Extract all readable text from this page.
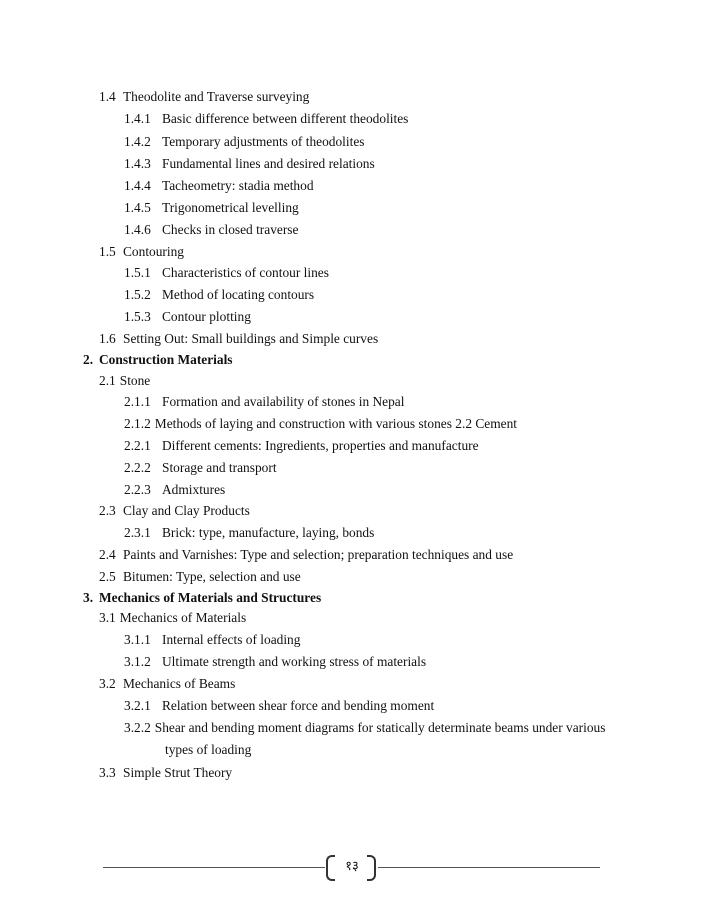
1.4 Theodolite and Traverse surveying
1.4.1 Basic difference between different theodolites
1.4.2 Temporary adjustments of theodolites
1.4.3 Fundamental lines and desired relations
1.4.4 Tacheometry: stadia method
1.4.5 Trigonometrical levelling
1.4.6 Checks in closed traverse
1.5 Contouring
1.5.1 Characteristics of contour lines
1.5.2 Method of locating contours
1.5.3 Contour plotting
1.6 Setting Out: Small buildings and Simple curves
2. Construction Materials
2.1 Stone
2.1.1 Formation and availability of stones in Nepal
2.1.2 Methods of laying and construction with various stones 2.2 Cement
2.2.1 Different cements: Ingredients, properties and manufacture
2.2.2 Storage and transport
2.2.3 Admixtures
2.3 Clay and Clay Products
2.3.1 Brick: type, manufacture, laying, bonds
2.4 Paints and Varnishes: Type and selection; preparation techniques and use
2.5 Bitumen: Type, selection and use
3. Mechanics of Materials and Structures
3.1 Mechanics of Materials
3.1.1 Internal effects of loading
3.1.2 Ultimate strength and working stress of materials
3.2 Mechanics of Beams
3.2.1 Relation between shear force and bending moment
3.2.2 Shear and bending moment diagrams for statically determinate beams under various
types of loading
3.3 Simple Strut Theory
१३
